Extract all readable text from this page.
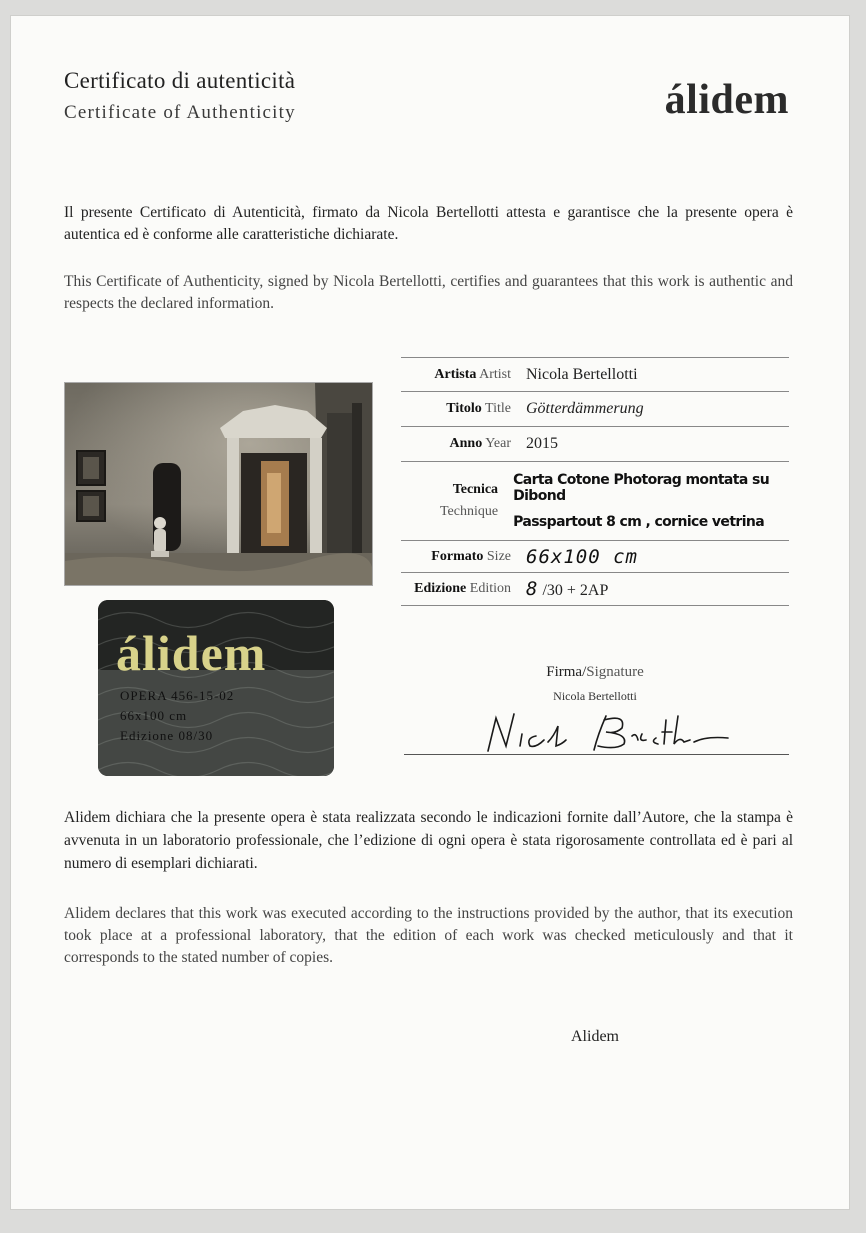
Certificato di autenticità
Certificate of Authenticity	álidem
Il presente Certificato di Autenticità, firmato da Nicola Bertellotti attesta e garantisce che la presente opera è autentica ed è conforme alle caratteristiche dichiarate.
This Certificate of Authenticity, signed by Nicola Bertellotti, certifies and guarantees that this work is authentic and respects the declared information.
álidem
OPERA 456-15-02
66x100 cm
Edizione 08/30
Artista Artist Nicola Bertellotti
Titolo Title Götterdämmerung
Anno Year 2015
Tecnica
Technique
Carta Cotone Photorag montata su Dibond
Passpartout 8 cm , cornice vetrina
Formato Size 66x100 cm
Edizione Edition 8 /30 + 2AP
Firma/Signature
Nicola Bertellotti
Alidem dichiara che la presente opera è stata realizzata secondo le indicazioni fornite dall’Autore, che la stampa è avvenuta in un laboratorio professionale, che l’edizione di ogni opera è stata rigorosamente controllata ed è pari al numero di esemplari dichiarati.
Alidem declares that this work was executed according to the instructions provided by the author, that its execution took place at a professional laboratory, that the edition of each work was checked meticulously and that it corresponds to the stated number of copies.
Alidem
